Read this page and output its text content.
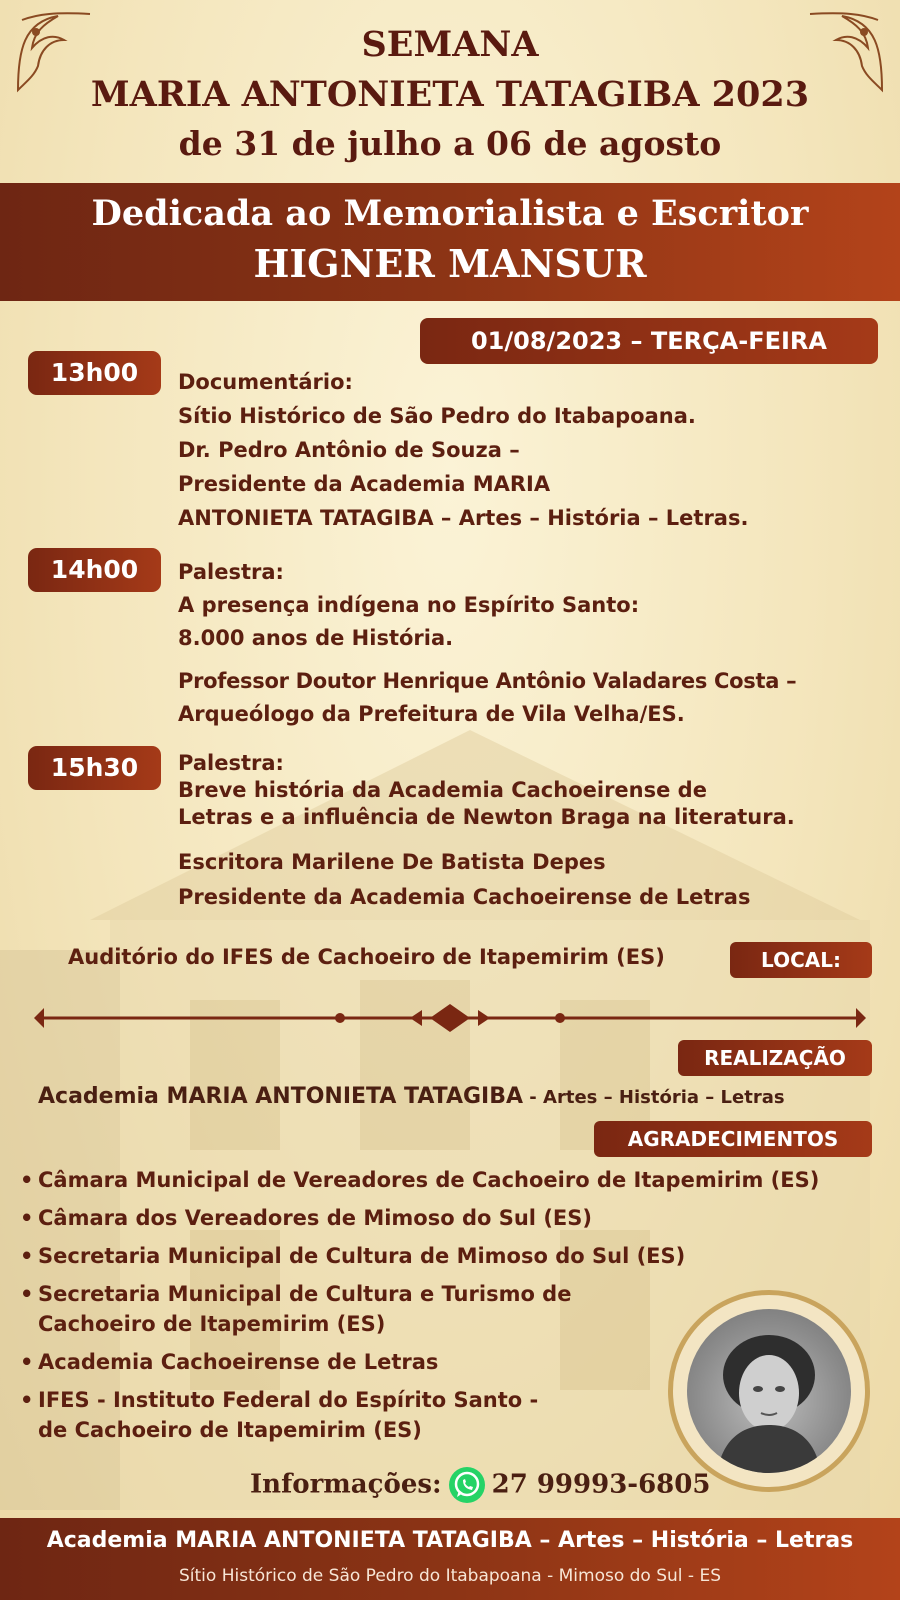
SEMANA
MARIA ANTONIETA TATAGIBA 2023
de 31 de julho a 06 de agosto
Dedicada ao Memorialista e Escritor
HIGNER MANSUR
01/08/2023 – TERÇA-FEIRA
13h00	Documentário:
Sítio Histórico de São Pedro do Itabapoana.
Dr. Pedro Antônio de Souza –
Presidente da Academia MARIA
ANTONIETA TATAGIBA – Artes – História – Letras.
14h00	Palestra:
A presença indígena no Espírito Santo:
8.000 anos de História.
Professor Doutor Henrique Antônio Valadares Costa –
Arqueólogo da Prefeitura de Vila Velha/ES.
15h30	Palestra:
Breve história da Academia Cachoeirense de
Letras e a influência de Newton Braga na literatura.
Escritora Marilene De Batista Depes
Presidente da Academia Cachoeirense de Letras
Auditório do IFES de Cachoeiro de Itapemirim (ES)	LOCAL:
REALIZAÇÃO
Academia MARIA ANTONIETA TATAGIBA - Artes – História – Letras
AGRADECIMENTOS
• Câmara Municipal de Vereadores de Cachoeiro de Itapemirim (ES)
• Câmara dos Vereadores de Mimoso do Sul (ES)
• Secretaria Municipal de Cultura de Mimoso do Sul (ES)
• Secretaria Municipal de Cultura e Turismo de
Cachoeiro de Itapemirim (ES)
• Academia Cachoeirense de Letras
• IFES - Instituto Federal do Espírito Santo -
de Cachoeiro de Itapemirim (ES)
Informações: 27 99993-6805
Academia MARIA ANTONIETA TATAGIBA – Artes – História – Letras
Sítio Histórico de São Pedro do Itabapoana - Mimoso do Sul - ES
